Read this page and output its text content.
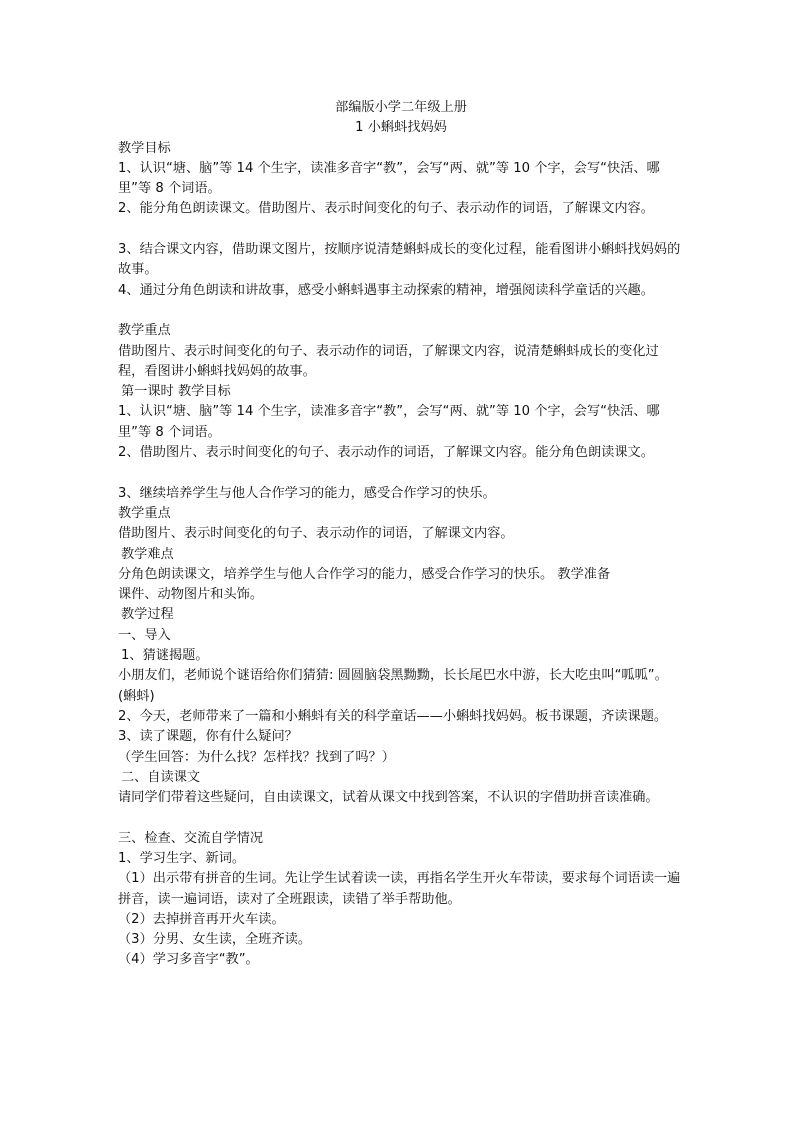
部编版小学二年级上册

1 小蝌蚪找妈妈

教学目标

1、认识“塘、脑”等 14 个生字，读准多音字“教”，会写“两、就”等 10 个字，会写“快活、哪里”等 8 个词语。

2、能分角色朗读课文。借助图片、表示时间变化的句子、表示动作的词语，了解课文内容。

3、结合课文内容，借助课文图片，按顺序说清楚蝌蚪成长的变化过程，能看图讲小蝌蚪找妈妈的故事。

4、通过分角色朗读和讲故事，感受小蝌蚪遇事主动探索的精神，增强阅读科学童话的兴趣。

教学重点

借助图片、表示时间变化的句子、表示动作的词语，了解课文内容，说清楚蝌蚪成长的变化过程，看图讲小蝌蚪找妈妈的故事。

第一课时 教学目标

1、认识“塘、脑”等 14 个生字，读准多音字“教”，会写“两、就”等 10 个字，会写“快活、哪里”等 8 个词语。

2、借助图片、表示时间变化的句子、表示动作的词语，了解课文内容。能分角色朗读课文。

3、继续培养学生与他人合作学习的能力，感受合作学习的快乐。

教学重点

借助图片、表示时间变化的句子、表示动作的词语，了解课文内容。

教学难点

分角色朗读课文，培养学生与他人合作学习的能力，感受合作学习的快乐。 教学准备

课件、动物图片和头饰。

教学过程

一、导入

1、猜谜揭题。

小朋友们，老师说个谜语给你们猜猜: 圆圆脑袋黑黝黝，长长尾巴水中游，长大吃虫叫“呱呱”。(蝌蚪)

2、今天，老师带来了一篇和小蝌蚪有关的科学童话——小蝌蚪找妈妈。板书课题，齐读课题。

3、读了课题，你有什么疑问？

（学生回答：为什么找？怎样找？找到了吗？）

二、自读课文

请同学们带着这些疑问，自由读课文，试着从课文中找到答案，不认识的字借助拼音读准确。

三、检查、交流自学情况

1、学习生字、新词。

（1）出示带有拼音的生词。先让学生试着读一读，再指名学生开火车带读，要求每个词语读一遍拼音，读一遍词语，读对了全班跟读，读错了举手帮助他。

（2）去掉拼音再开火车读。

（3）分男、女生读，全班齐读。

（4）学习多音字“教”。
